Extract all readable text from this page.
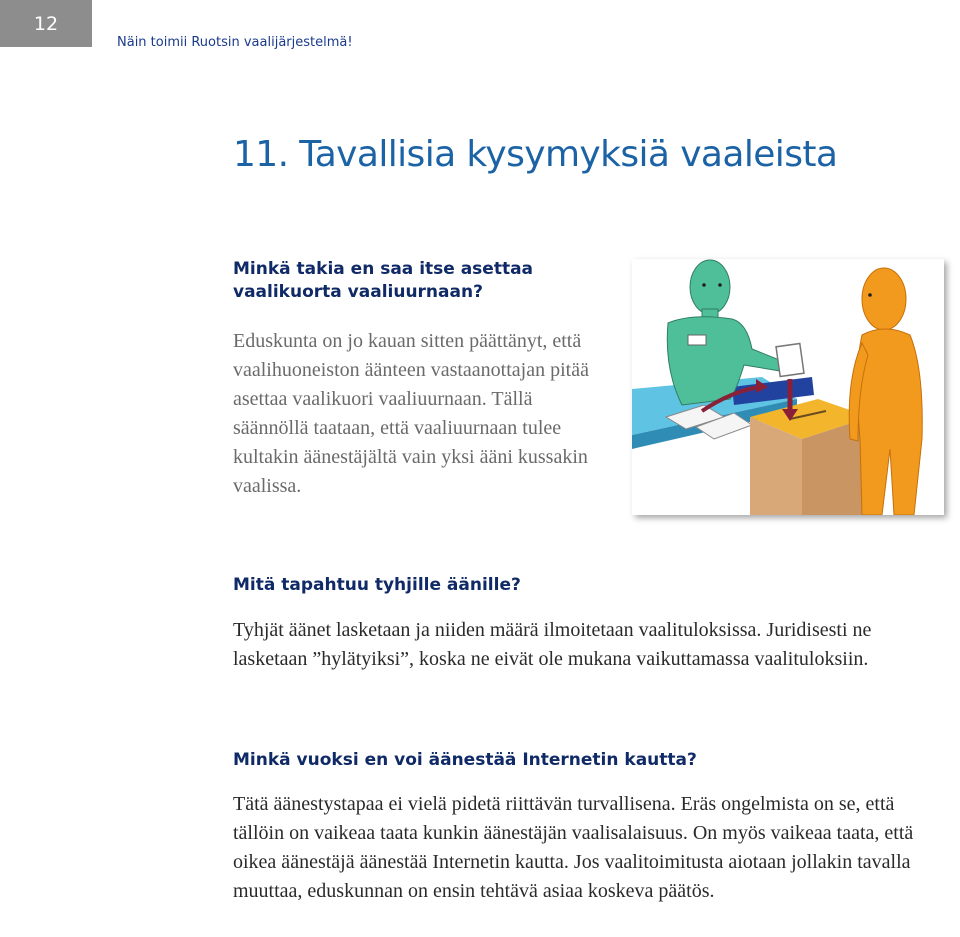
12
Näin toimii Ruotsin vaalijärjestelmä!
11. Tavallisia kysymyksiä vaaleista
Minkä takia en saa itse asettaa vaalikuorta vaaliuurnaan?

Eduskunta on jo kauan sitten päättänyt, että vaalihuoneiston äänteen vastaanottajan pitää asettaa vaalikuori vaaliuurnaan. Tällä säännöllä taataan, että vaaliuurnaan tulee kultakin äänestäjältä vain yksi ääni kussakin vaalissa.

Mitä tapahtuu tyhjille äänille?

Tyhjät äänet lasketaan ja niiden määrä ilmoitetaan vaalituloksissa. Juridisesti ne lasketaan ”hylätyiksi”, koska ne eivät ole mukana vaikuttamassa vaalituloksiin.

Minkä vuoksi en voi äänestää Internetin kautta?

Tätä äänestystapaa ei vielä pidetä riittävän turvallisena. Eräs ongelmista on se, että tällöin on vaikeaa taata kunkin äänestäjän vaalisalaisuus. On myös vaikeaa taata, että oikea äänestäjä äänestää Internetin kautta. Jos vaalitoimitusta aiotaan jollakin tavalla muuttaa, eduskunnan on ensin tehtävä asiaa koskeva päätös.
